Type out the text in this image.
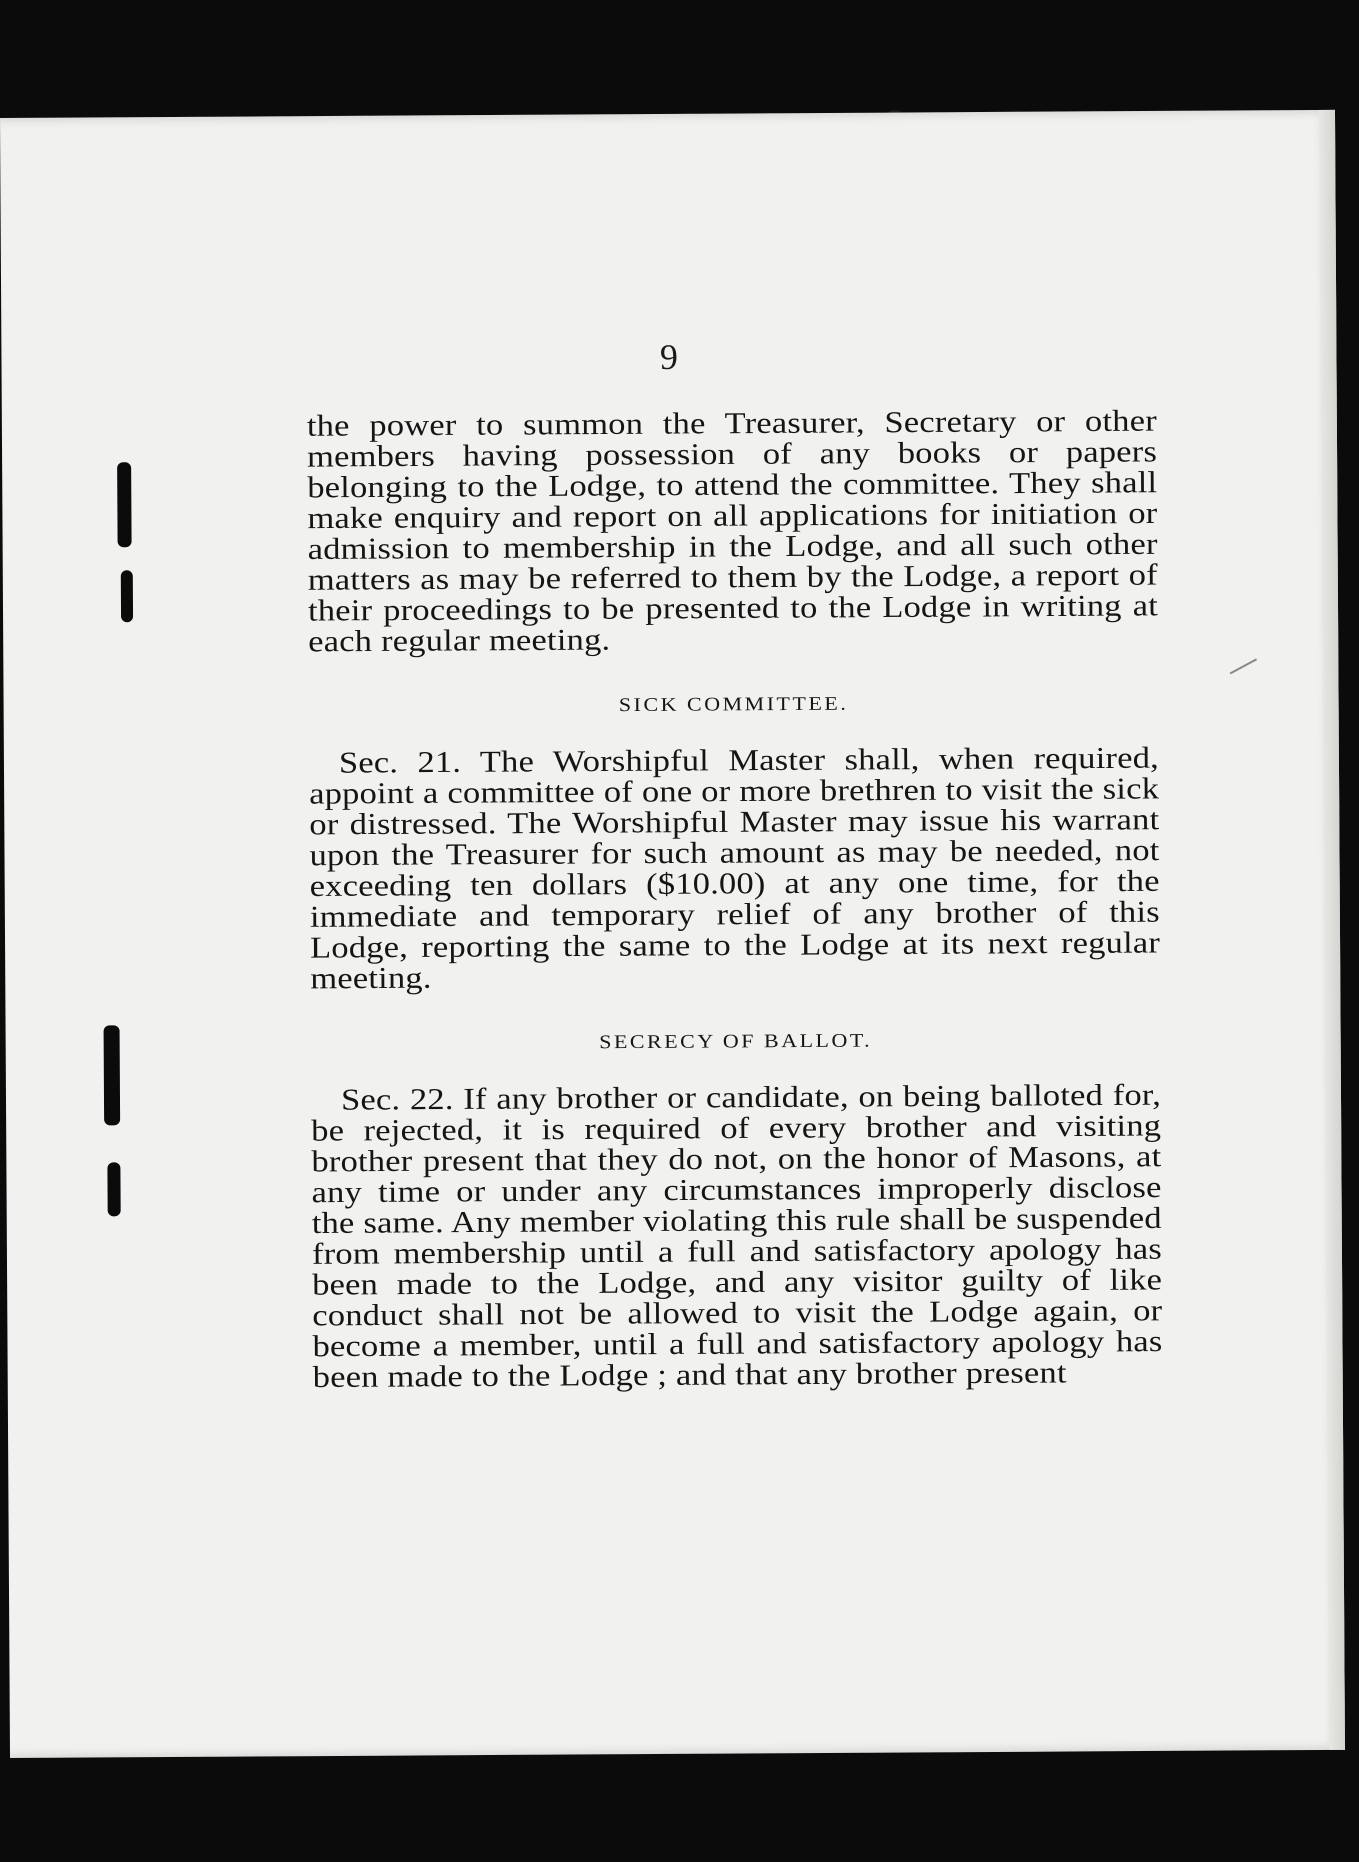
9

the power to summon the Treasurer, Secretary or other members having possession of any books or papers belonging to the Lodge, to attend the committee. They shall make enquiry and report on all applications for initiation or admission to membership in the Lodge, and all such other matters as may be referred to them by the Lodge, a report of their proceedings to be presented to the Lodge in writing at each regular meeting.

SICK COMMITTEE.

Sec. 21. The Worshipful Master shall, when required, appoint a committee of one or more brethren to visit the sick or distressed. The Worshipful Master may issue his warrant upon the Treasurer for such amount as may be needed, not exceeding ten dollars ($10.00) at any one time, for the immediate and temporary relief of any brother of this Lodge, reporting the same to the Lodge at its next regular meeting.

SECRECY OF BALLOT.

Sec. 22. If any brother or candidate, on being balloted for, be rejected, it is required of every brother and visiting brother present that they do not, on the honor of Masons, at any time or under any circumstances improperly disclose the same. Any member violating this rule shall be suspended from membership until a full and satisfactory apology has been made to the Lodge, and any visitor guilty of like conduct shall not be allowed to visit the Lodge again, or become a member, until a full and satisfactory apology has been made to the Lodge ; and that any brother present
